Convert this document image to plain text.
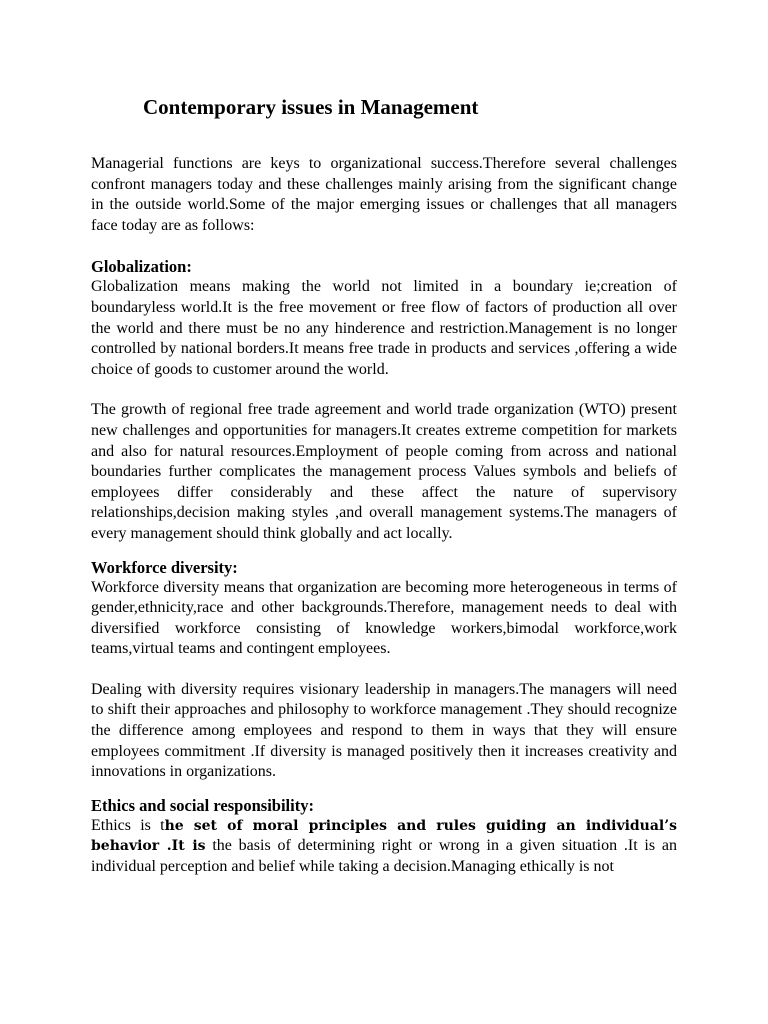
Contemporary issues in Management

Managerial functions are keys to organizational success.Therefore several challenges confront managers today and these challenges mainly arising from the significant change in the outside world.Some of the major emerging issues or challenges that all managers face today are as follows:

Globalization:

Globalization means making the world not limited in a boundary ie;creation of boundaryless world.It is the free movement or free flow of factors of production all over the world and there must be no any hinderence and restriction.Management is no longer controlled by national borders.It means free trade in products and services ,offering a wide choice of goods to customer around the world.

The growth of regional free trade agreement and world trade organization (WTO) present new challenges and opportunities for managers.It creates extreme competition for markets and also for natural resources.Employment of people coming from across and national boundaries further complicates the management process Values symbols and beliefs of employees differ considerably and these affect the nature of supervisory relationships,decision making styles ,and overall management systems.The managers of every management should think globally and act locally.

Workforce diversity:

Workforce diversity means that organization are becoming more heterogeneous in terms of gender,ethnicity,race and other backgrounds.Therefore, management needs to deal with diversified workforce consisting of knowledge workers,bimodal workforce,work teams,virtual teams and contingent employees.

Dealing with diversity requires visionary leadership in managers.The managers will need to shift their approaches and philosophy to workforce management .They should recognize the difference among employees and respond to them in ways that they will ensure employees commitment .If diversity is managed positively then it increases creativity and innovations in organizations.

Ethics and social responsibility:

Ethics is the set of moral principles and rules guiding an individual’s behavior .It is the basis of determining right or wrong in a given situation .It is an individual perception and belief while taking a decision.Managing ethically is not
